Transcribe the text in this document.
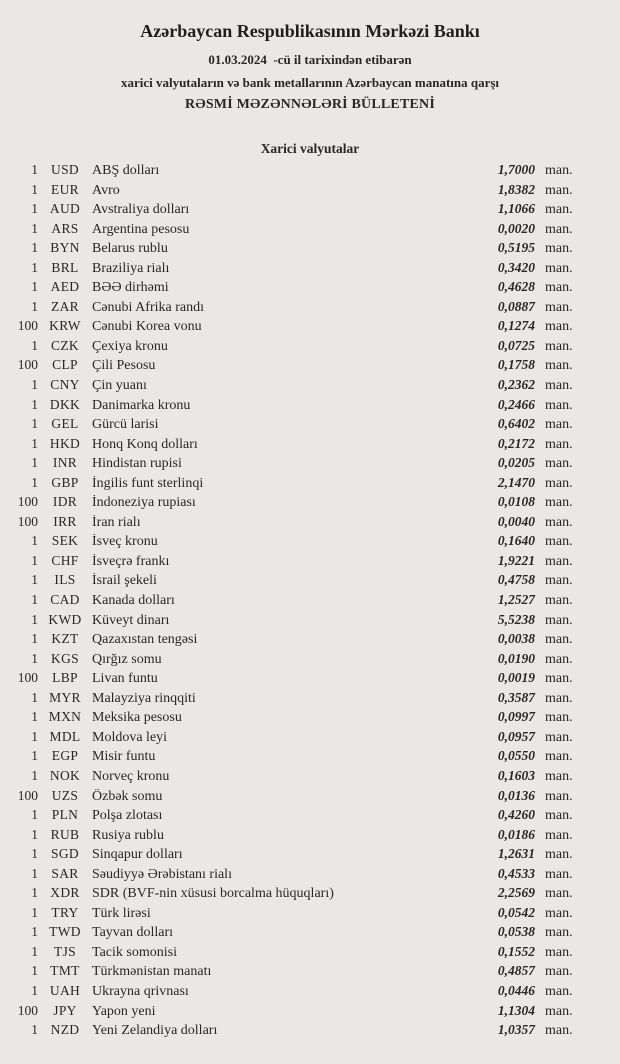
Azərbaycan Respublikasının Mərkəzi Bankı
01.03.2024  -cü il tarixindən etibarən
xarici valyutaların və bank metallarının Azərbaycan manatına qarşı
RƏSMİ MƏZƏNNƏLƏRİ BÜLLETENİ
Xarici valyutalar
1 USD ABŞ dolları	1,7000 man.
1 EUR Avro	1,8382 man.
1 AUD Avstraliya dolları	1,1066 man.
1 ARS Argentina pesosu	0,0020 man.
1 BYN Belarus rublu	0,5195 man.
1 BRL Braziliya rialı	0,3420 man.
1 AED BƏƏ dirhəmi	0,4628 man.
1 ZAR Cənubi Afrika randı	0,0887 man.
100 KRW Cənubi Korea vonu	0,1274 man.
1 CZK Çexiya kronu	0,0725 man.
100	CLP	Çili Pesosu	0,1758 man.
1 CNY Çin yuanı	0,2362 man.
1 DKK Danimarka kronu	0,2466 man.
1 GEL Gürcü larisi	0,6402 man.
1 HKD Honq Konq dolları	0,2172 man.
1	INR	Hindistan rupisi	0,0205 man.
1 GBP İngilis funt sterlinqi	2,1470 man.
100	IDR	İndoneziya rupiası	0,0108 man.
100	IRR	İran rialı	0,0040 man.
1	SEK İsveç kronu	0,1640 man.
1 CHF İsveçrə frankı	1,9221 man.
1	ILS	İsrail şekeli	0,4758 man.
1 CAD Kanada dolları	1,2527 man.
1 KWD Küveyt dinarı	5,5238 man.
1 KZT Qazaxıstan tengəsi	0,0038 man.
1 KGS Qırğız somu	0,0190 man.
100	LBP	Livan funtu	0,0019 man.
1 MYR Malayziya rinqqiti	0,3587 man.
1 MXN Meksika pesosu	0,0997 man.
1 MDL Moldova leyi	0,0957 man.
1	EGP Misir funtu	0,0550 man.
1 NOK Norveç kronu	0,1603 man.
100	UZS Özbək somu	0,0136 man.
1	PLN Polşa zlotası	0,4260 man.
1 RUB Rusiya rublu	0,0186 man.
1 SGD Sinqapur dolları	1,2631 man.
1 SAR Səudiyyə Ərəbistanı rialı	0,4533 man.
1 XDR SDR (BVF-nin xüsusi borcalma hüquqları)	2,2569 man.
1 TRY Türk lirəsi	0,0542 man.
1 TWD Tayvan dolları	0,0538 man.
1	TJS	Tacik somonisi	0,1552 man.
1 TMT Türkmənistan manatı	0,4857 man.
1 UAH Ukrayna qrivnası	0,0446 man.
100	JPY	Yapon yeni	1,1304 man.
1 NZD Yeni Zelandiya dolları	1,0357 man.
